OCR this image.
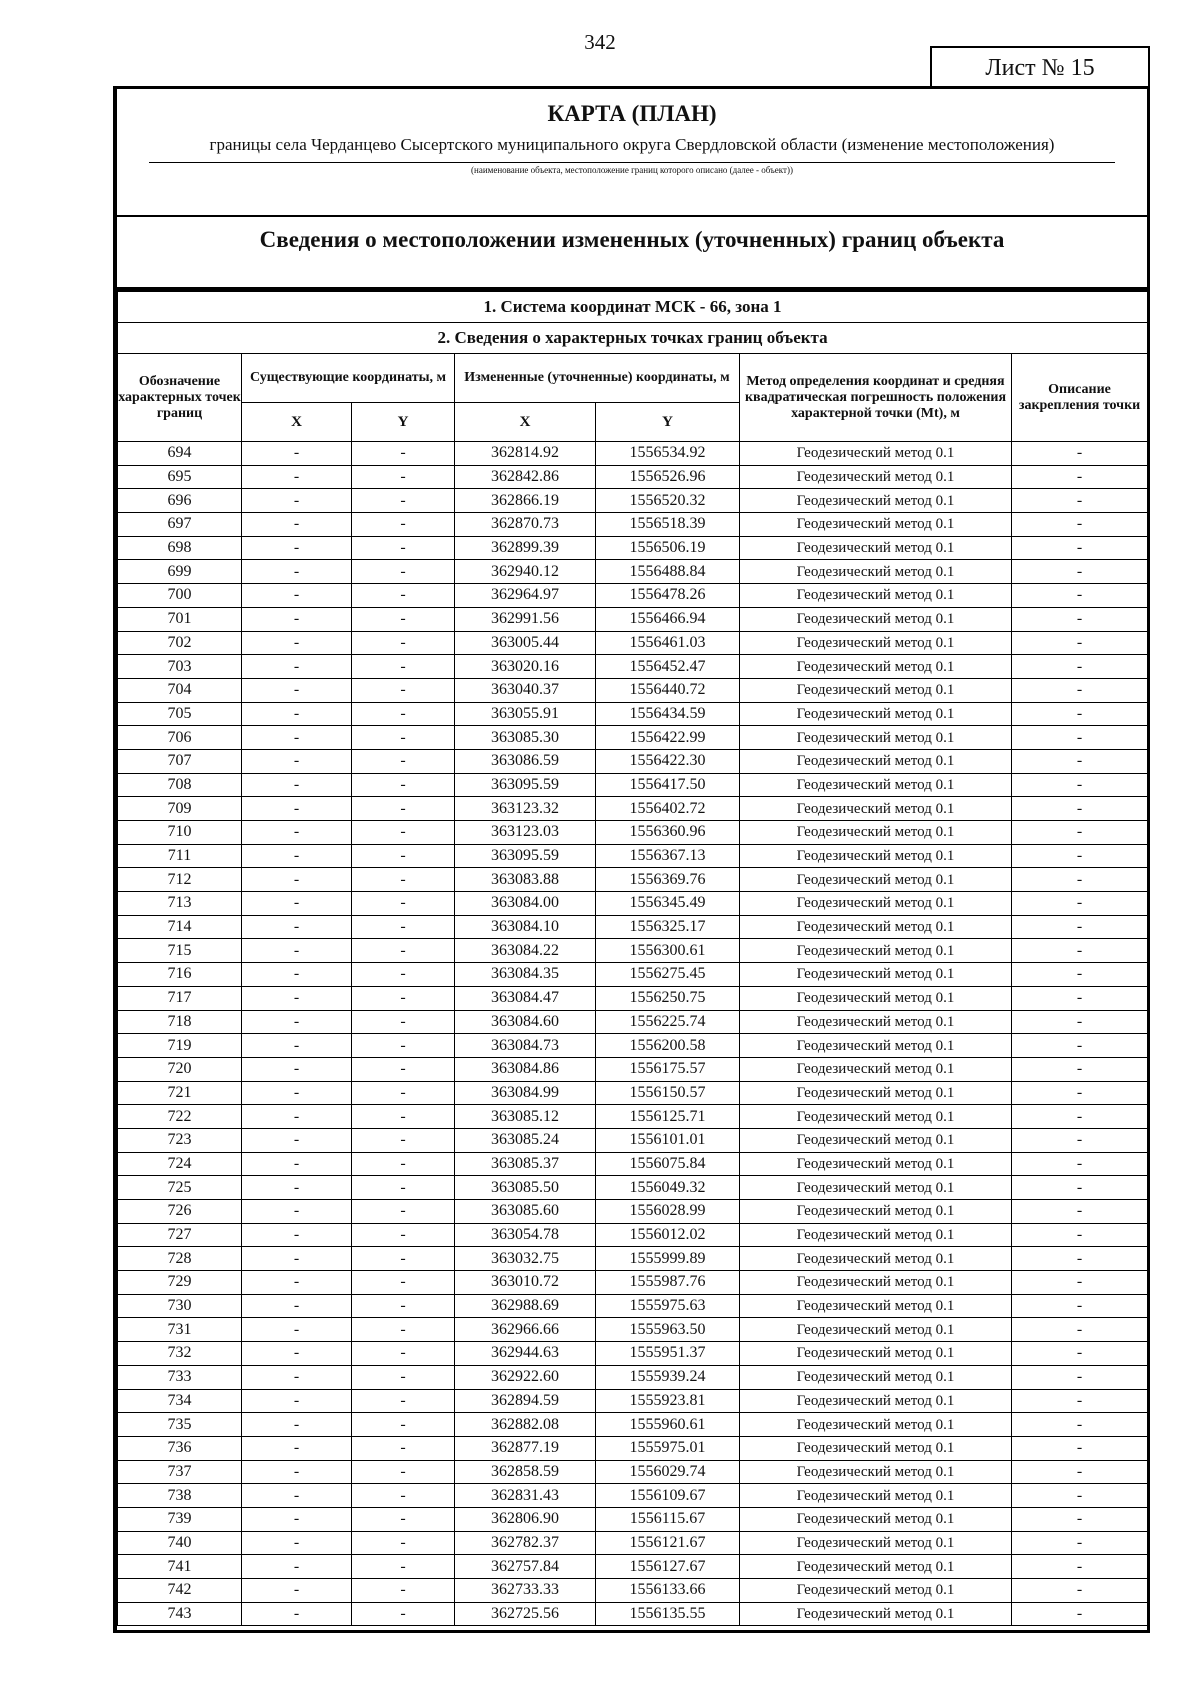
342
Лист № 15
КАРТА (ПЛАН)
границы села Черданцево Сысертского муниципального округа Свердловской области (изменение местоположения)
(наименование объекта, местоположение границ которого описано (далее - объект))
Сведения о местоположении измененных (уточненных) границ объекта
1. Система координат МСК - 66, зона 1						
2. Сведения о характерных точках границ объекта						
Обозначение характерных точек границ	Существующие координаты, м		Измененные (уточненные) координаты, м		Метод определения координат и средняя квадратическая погрешность положения характерной точки (Mt), м	Описание закрепления точки
	X	Y	X	Y		
694	-	-	362814.92	1556534.92	Геодезический метод 0.1	-
695	-	-	362842.86	1556526.96	Геодезический метод 0.1	-
696	-	-	362866.19	1556520.32	Геодезический метод 0.1	-
697	-	-	362870.73	1556518.39	Геодезический метод 0.1	-
698	-	-	362899.39	1556506.19	Геодезический метод 0.1	-
699	-	-	362940.12	1556488.84	Геодезический метод 0.1	-
700	-	-	362964.97	1556478.26	Геодезический метод 0.1	-
701	-	-	362991.56	1556466.94	Геодезический метод 0.1	-
702	-	-	363005.44	1556461.03	Геодезический метод 0.1	-
703	-	-	363020.16	1556452.47	Геодезический метод 0.1	-
704	-	-	363040.37	1556440.72	Геодезический метод 0.1	-
705	-	-	363055.91	1556434.59	Геодезический метод 0.1	-
706	-	-	363085.30	1556422.99	Геодезический метод 0.1	-
707	-	-	363086.59	1556422.30	Геодезический метод 0.1	-
708	-	-	363095.59	1556417.50	Геодезический метод 0.1	-
709	-	-	363123.32	1556402.72	Геодезический метод 0.1	-
710	-	-	363123.03	1556360.96	Геодезический метод 0.1	-
711	-	-	363095.59	1556367.13	Геодезический метод 0.1	-
712	-	-	363083.88	1556369.76	Геодезический метод 0.1	-
713	-	-	363084.00	1556345.49	Геодезический метод 0.1	-
714	-	-	363084.10	1556325.17	Геодезический метод 0.1	-
715	-	-	363084.22	1556300.61	Геодезический метод 0.1	-
716	-	-	363084.35	1556275.45	Геодезический метод 0.1	-
717	-	-	363084.47	1556250.75	Геодезический метод 0.1	-
718	-	-	363084.60	1556225.74	Геодезический метод 0.1	-
719	-	-	363084.73	1556200.58	Геодезический метод 0.1	-
720	-	-	363084.86	1556175.57	Геодезический метод 0.1	-
721	-	-	363084.99	1556150.57	Геодезический метод 0.1	-
722	-	-	363085.12	1556125.71	Геодезический метод 0.1	-
723	-	-	363085.24	1556101.01	Геодезический метод 0.1	-
724	-	-	363085.37	1556075.84	Геодезический метод 0.1	-
725	-	-	363085.50	1556049.32	Геодезический метод 0.1	-
726	-	-	363085.60	1556028.99	Геодезический метод 0.1	-
727	-	-	363054.78	1556012.02	Геодезический метод 0.1	-
728	-	-	363032.75	1555999.89	Геодезический метод 0.1	-
729	-	-	363010.72	1555987.76	Геодезический метод 0.1	-
730	-	-	362988.69	1555975.63	Геодезический метод 0.1	-
731	-	-	362966.66	1555963.50	Геодезический метод 0.1	-
732	-	-	362944.63	1555951.37	Геодезический метод 0.1	-
733	-	-	362922.60	1555939.24	Геодезический метод 0.1	-
734	-	-	362894.59	1555923.81	Геодезический метод 0.1	-
735	-	-	362882.08	1555960.61	Геодезический метод 0.1	-
736	-	-	362877.19	1555975.01	Геодезический метод 0.1	-
737	-	-	362858.59	1556029.74	Геодезический метод 0.1	-
738	-	-	362831.43	1556109.67	Геодезический метод 0.1	-
739	-	-	362806.90	1556115.67	Геодезический метод 0.1	-
740	-	-	362782.37	1556121.67	Геодезический метод 0.1	-
741	-	-	362757.84	1556127.67	Геодезический метод 0.1	-
742	-	-	362733.33	1556133.66	Геодезический метод 0.1	-
743	-	-	362725.56	1556135.55	Геодезический метод 0.1	-
